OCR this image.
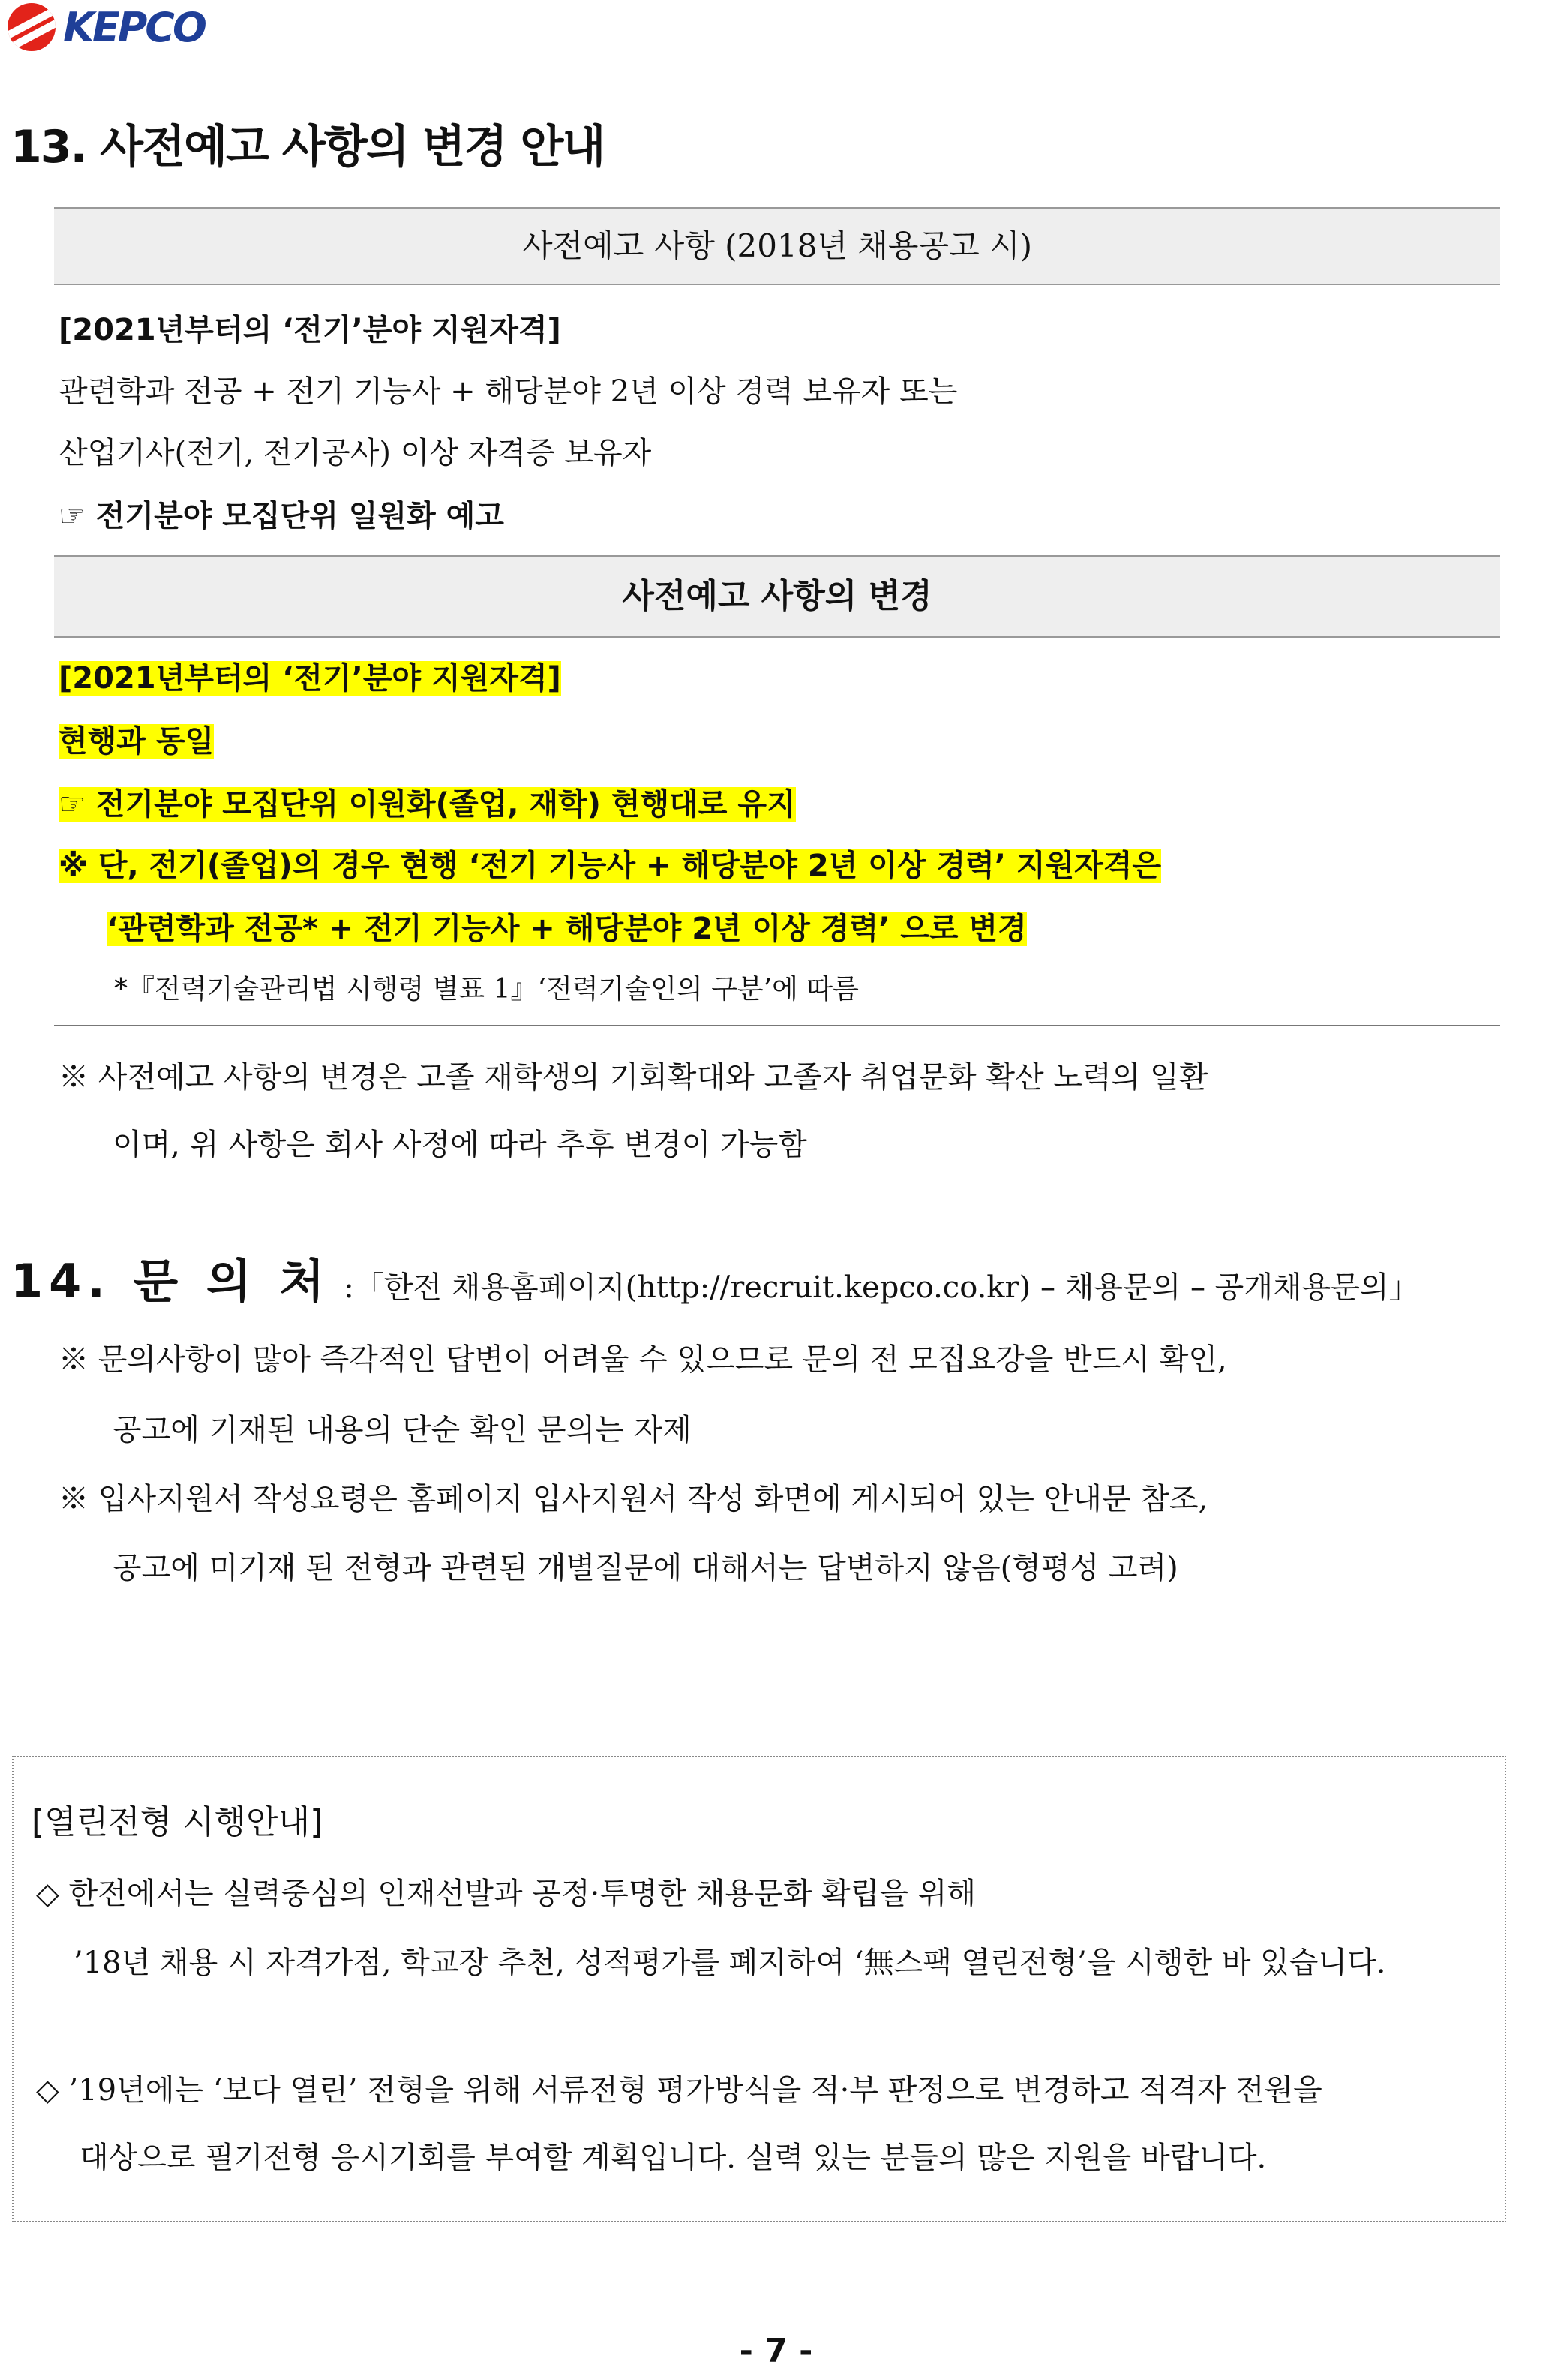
KEPCO
13. 사전예고 사항의 변경 안내
사전예고 사항 (2018년 채용공고 시)
[2021년부터의 ‘전기’분야 지원자격]
관련학과 전공 + 전기 기능사 + 해당분야 2년 이상 경력 보유자 또는
산업기사(전기, 전기공사) 이상 자격증 보유자
☞ 전기분야 모집단위 일원화 예고
사전예고 사항의 변경
[2021년부터의 ‘전기’분야 지원자격]
현행과 동일
☞ 전기분야 모집단위 이원화(졸업, 재학) 현행대로 유지
※ 단, 전기(졸업)의 경우 현행 ‘전기 기능사 + 해당분야 2년 이상 경력’ 지원자격은
‘관련학과 전공* + 전기 기능사 + 해당분야 2년 이상 경력’ 으로 변경
*『전력기술관리법 시행령 별표 1』‘전력기술인의 구분’에 따름
※ 사전예고 사항의 변경은 고졸 재학생의 기회확대와 고졸자 취업문화 확산 노력의 일환
이며, 위 사항은 회사 사정에 따라 추후 변경이 가능함
14. 문 의 처 :「한전 채용홈페이지(http://recruit.kepco.co.kr) – 채용문의 – 공개채용문의」
※ 문의사항이 많아 즉각적인 답변이 어려울 수 있으므로 문의 전 모집요강을 반드시 확인,
공고에 기재된 내용의 단순 확인 문의는 자제
※ 입사지원서 작성요령은 홈페이지 입사지원서 작성 화면에 게시되어 있는 안내문 참조,
공고에 미기재 된 전형과 관련된 개별질문에 대해서는 답변하지 않음(형평성 고려)
[열린전형 시행안내]
◇ 한전에서는 실력중심의 인재선발과 공정·투명한 채용문화 확립을 위해
’18년 채용 시 자격가점, 학교장 추천, 성적평가를 폐지하여 ‘無스팩 열린전형’을 시행한 바 있습니다.
◇ ’19년에는 ‘보다 열린’ 전형을 위해 서류전형 평가방식을 적·부 판정으로 변경하고 적격자 전원을
대상으로 필기전형 응시기회를 부여할 계획입니다. 실력 있는 분들의 많은 지원을 바랍니다.
- 7 -
